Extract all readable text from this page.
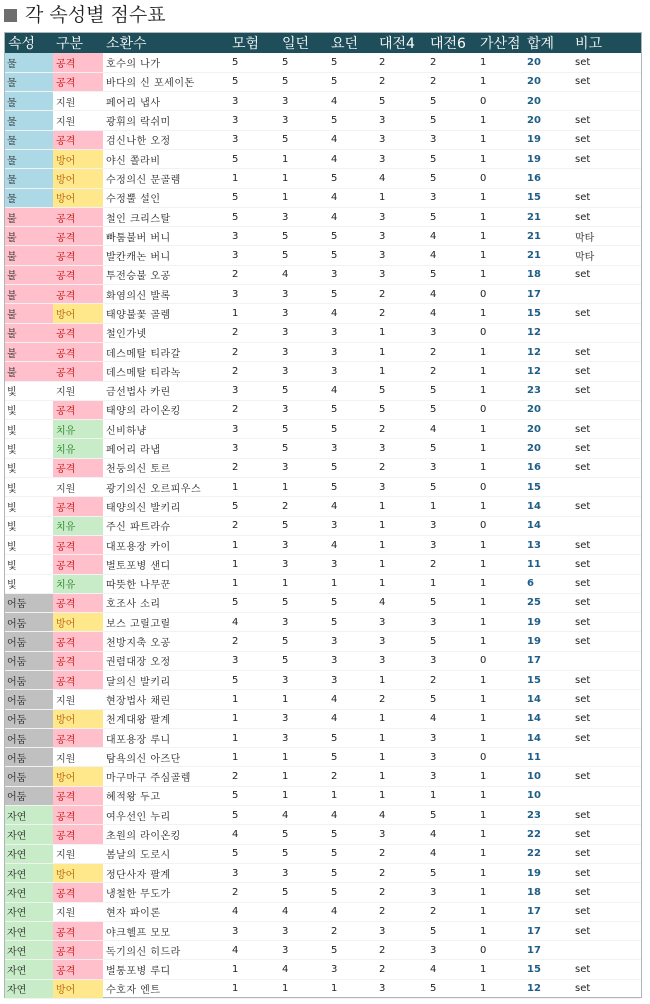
각 속성별 점수표
속성	구분	소환수	모험	일던	요던	대전4	대전6	가산점	합계	비고
물	공격	호수의 나가	5	5	5	2	2	1	20	set
물	공격	바다의 신 포세이돈	5	5	5	2	2	1	20	set
물	지원	페어리 냅사	3	3	4	5	5	0	20	
물	지원	광휘의 락쉬미	3	3	5	3	5	1	20	set
물	공격	검신나한 오정	3	5	4	3	3	1	19	set
물	방어	야신 쫄라비	5	1	4	3	5	1	19	set
물	방어	수정의신 문골렘	1	1	5	4	5	0	16	
물	방어	수정뿔 설인	5	1	4	1	3	1	15	set
불	공격	철인 크리스탈	5	3	4	3	5	1	21	set
불	공격	빠툼불버 버니	3	5	5	3	4	1	21	막타
불	공격	발칸캐논 버니	3	5	5	3	4	1	21	막타
불	공격	투전승불 오공	2	4	3	3	5	1	18	set
불	공격	화염의신 발록	3	3	5	2	4	0	17	
불	방어	태양불꽃 골렘	1	3	4	2	4	1	15	set
불	공격	철인가넷	2	3	3	1	3	0	12	
불	공격	데스메탈 티라갈	2	3	3	1	2	1	12	set
불	공격	데스메탈 티라녹	2	3	3	1	2	1	12	set
빛	지원	금선법사 카린	3	5	4	5	5	1	23	set
빛	공격	태양의 라이온킹	2	3	5	5	5	0	20	
빛	치유	신비하냥	3	5	5	2	4	1	20	set
빛	치유	페어리 라냅	3	5	3	3	5	1	20	set
빛	공격	천둥의신 토르	2	3	5	2	3	1	16	set
빛	지원	광기의신 오르피우스	1	1	5	3	5	0	15	
빛	공격	태양의신 발키리	5	2	4	1	1	1	14	set
빛	치유	주신 파트라슈	2	5	3	1	3	0	14	
빛	공격	대포용장 카이	1	3	4	1	3	1	13	set
빛	공격	벌토포병 샌디	1	3	3	1	2	1	11	set
빛	치유	따뜻한 나무꾼	1	1	1	1	1	1	6	set
어둠	공격	호조사 소리	5	5	5	4	5	1	25	set
어둠	방어	보스 고릴고릴	4	3	5	3	3	1	19	set
어둠	공격	천방지축 오공	2	5	3	3	5	1	19	set
어둠	공격	권렴대장 오정	3	5	3	3	3	0	17	
어둠	공격	달의신 발키리	5	3	3	1	2	1	15	set
어둠	지원	현장법사 채린	1	1	4	2	5	1	14	set
어둠	방어	천계대왕 팔계	1	3	4	1	4	1	14	set
어둠	공격	대포용장 루니	1	3	5	1	3	1	14	set
어둠	지원	탐욕의신 아즈단	1	1	5	1	3	0	11	
어둠	방어	마구마구 주심골렘	2	1	2	1	3	1	10	set
어둠	공격	혜적왕 두고	5	1	1	1	1	1	10	
자연	공격	여우선인 누리	5	4	4	4	5	1	23	set
자연	공격	초원의 라이온킹	4	5	5	3	4	1	22	set
자연	지원	봄날의 도로시	5	5	5	2	4	1	22	set
자연	방어	정단사자 팔계	3	3	5	2	5	1	19	set
자연	공격	냉철한 무도가	2	5	5	2	3	1	18	set
자연	지원	현자 파이론	4	4	4	2	2	1	17	set
자연	공격	야크헬프 모모	3	3	2	3	5	1	17	set
자연	공격	독기의신 히드라	4	3	5	2	3	0	17	
자연	공격	벌통포병 루디	1	4	3	2	4	1	15	set
자연	방어	수호자 엔트	1	1	1	3	5	1	12	set
